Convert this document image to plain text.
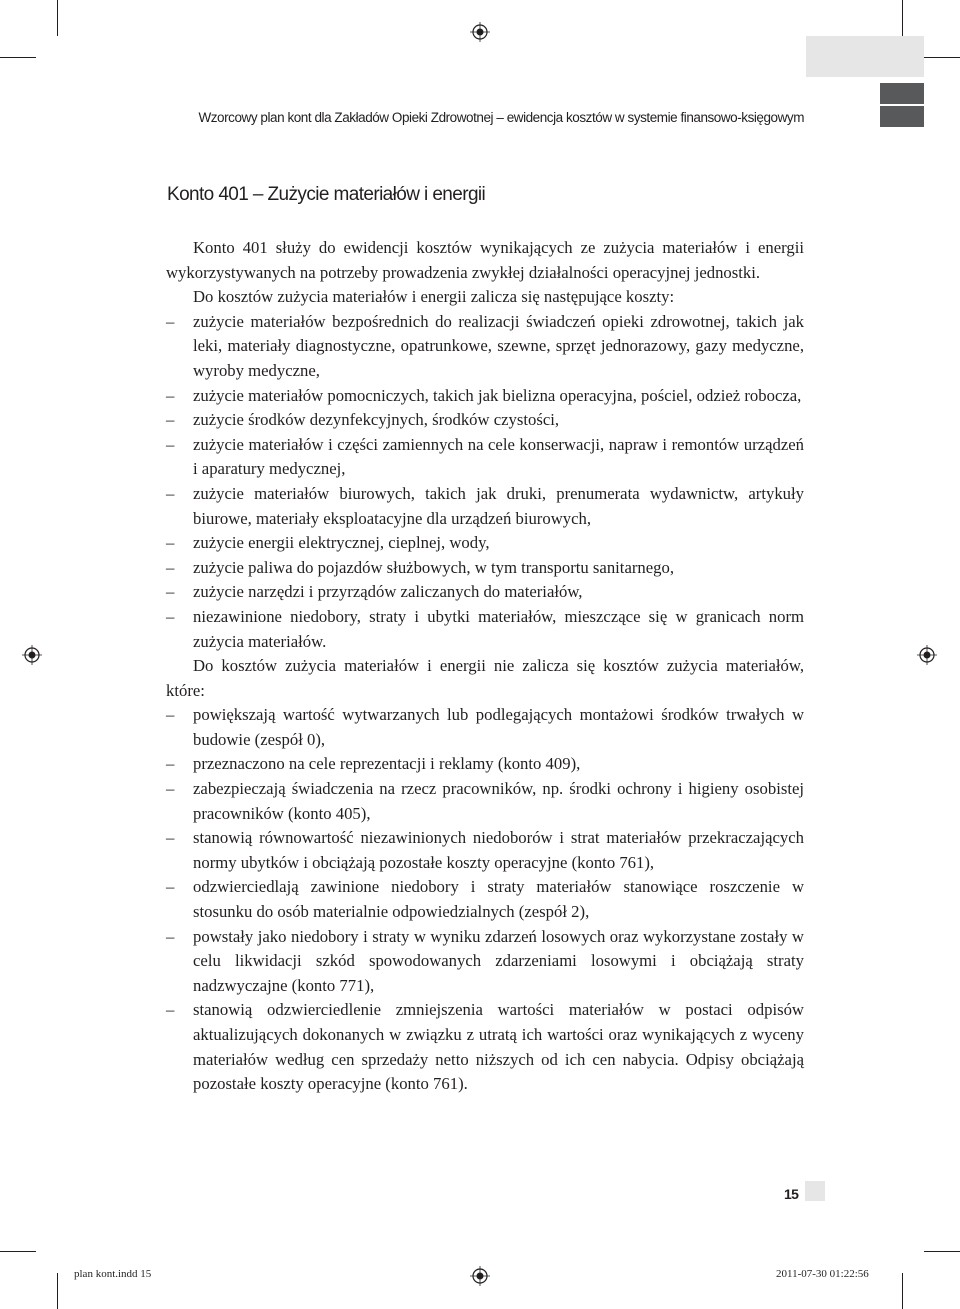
Wzorcowy plan kont dla Zakładów Opieki Zdrowotnej – ewidencja kosztów w systemie finansowo-księgowym
Konto 401 – Zużycie materiałów i energii

Konto 401 służy do ewidencji kosztów wynikających ze zużycia materiałów i energii wykorzystywanych na potrzeby prowadzenia zwykłej działalności operacyjnej jednostki.

Do kosztów zużycia materiałów i energii zalicza się następujące koszty:

– zużycie materiałów bezpośrednich do realizacji świadczeń opieki zdrowotnej, takich jak leki, materiały diagnostyczne, opatrunkowe, szewne, sprzęt jednorazowy, gazy medyczne, wyroby medyczne,
– zużycie materiałów pomocniczych, takich jak bielizna operacyjna, pościel, odzież robocza,
– zużycie środków dezynfekcyjnych, środków czystości,
– zużycie materiałów i części zamiennych na cele konserwacji, napraw i remontów urządzeń i aparatury medycznej,
– zużycie materiałów biurowych, takich jak druki, prenumerata wydawnictw, artykuły biurowe, materiały eksploatacyjne dla urządzeń biurowych,
– zużycie energii elektrycznej, cieplnej, wody,
– zużycie paliwa do pojazdów służbowych, w tym transportu sanitarnego,
– zużycie narzędzi i przyrządów zaliczanych do materiałów,
– niezawinione niedobory, straty i ubytki materiałów, mieszczące się w granicach norm zużycia materiałów.

Do kosztów zużycia materiałów i energii nie zalicza się kosztów zużycia materiałów, które:

– powiększają wartość wytwarzanych lub podlegających montażowi środków trwałych w budowie (zespół 0),
– przeznaczono na cele reprezentacji i reklamy (konto 409),
– zabezpieczają świadczenia na rzecz pracowników, np. środki ochrony i higieny osobistej pracowników (konto 405),
– stanowią równowartość niezawinionych niedoborów i strat materiałów przekraczających normy ubytków i obciążają pozostałe koszty operacyjne (konto 761),
– odzwierciedlają zawinione niedobory i straty materiałów stanowiące roszczenie w stosunku do osób materialnie odpowiedzialnych (zespół 2),
– powstały jako niedobory i straty w wyniku zdarzeń losowych oraz wykorzystane zostały w celu likwidacji szkód spowodowanych zdarzeniami losowymi i obciążają straty nadzwyczajne (konto 771),
– stanowią odzwierciedlenie zmniejszenia wartości materiałów w postaci odpisów aktualizujących dokonanych w związku z utratą ich wartości oraz wynikających z wyceny materiałów według cen sprzedaży netto niższych od ich cen nabycia. Odpisy obciążają pozostałe koszty operacyjne (konto 761).
15
plan kont.indd 15	2011-07-30 01:22:56
